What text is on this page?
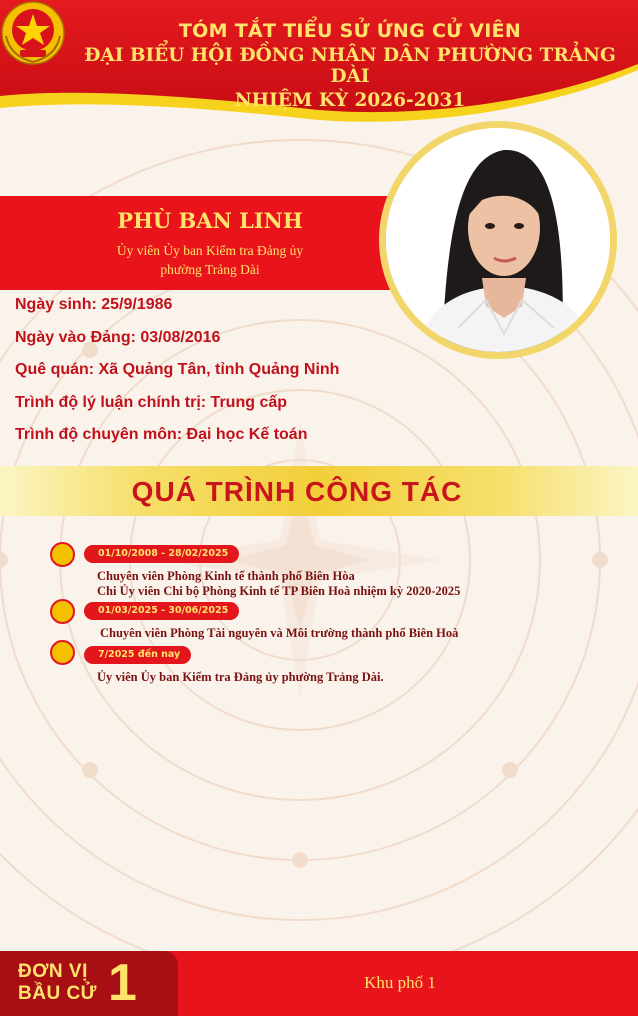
TÓM TẮT TIỂU SỬ ỨNG CỬ VIÊN
ĐẠI BIỂU HỘI ĐỒNG NHÂN DÂN PHƯỜNG TRẢNG DÀI
NHIỆM KỲ 2026-2031
PHÙ BAN LINH
Ủy viên Ủy ban Kiểm tra Đảng ủy
phường Trảng Dài
Ngày sinh: 25/9/1986
Ngày vào Đảng: 03/08/2016
Quê quán: Xã Quảng Tân, tỉnh Quảng Ninh
Trình độ lý luận chính trị: Trung cấp
Trình độ chuyên môn: Đại học Kế toán
QUÁ TRÌNH CÔNG TÁC
01/10/2008 - 28/02/2025
Chuyên viên Phòng Kinh tế thành phố Biên Hòa
Chi Ủy viên Chi bộ Phòng Kinh tế TP Biên Hoà nhiệm kỳ 2020-2025
01/03/2025 - 30/06/2025
Chuyên viên Phòng Tài nguyên và Môi trường thành phố Biên Hoà
7/2025 đến nay
Ủy viên Ủy ban Kiểm tra Đảng ủy phường Trảng Dài.
ĐƠN VỊ
BẦU CỬ 1	Khu phố 1
